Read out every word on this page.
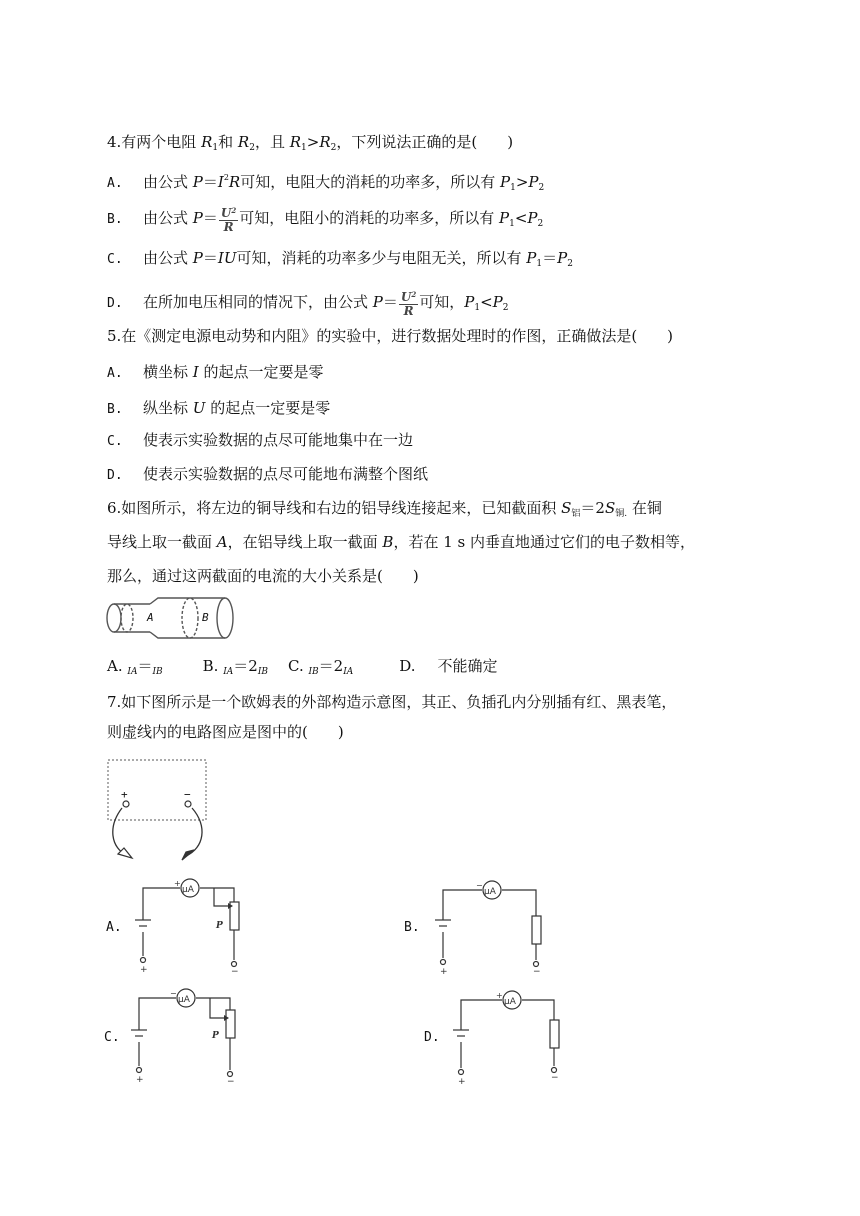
4.有两个电阻 $R_1$和 $R_2$，且 $R_1>R_2$，下列说法正确的是(　　)
A. 由公式 $P=I^2R$可知，电阻大的消耗的功率多，所以有 $P_1>P_2$
B. 由公式 $P= \frac{U^2}{R}$ 可知，电阻小的消耗的功率多，所以有 $P_1<P_2$
C. 由公式 P＝IU可知，消耗的功率多少与电阻无关，所以有 $P_1=P_2$
D. 在所加电压相同的情况下，由公式 $P= \frac{U^2}{R}$ 可知，$P_1<P_2$
5.在《测定电源电动势和内阻》的实验中，进行数据处理时的作图，正确做法是(　　)
A. 横坐标 I 的起点一定要是零
B. 纵坐标 U 的起点一定要是零
C. 使表示实验数据的点尽可能地集中在一边
D. 使表示实验数据的点尽可能地布满整个图纸
6.如图所示，将左边的铜导线和右边的铝导线连接起来，已知截面积 $S_铝=2S_{铜.}$ 在铜
导线上取一截面 A，在铝导线上取一截面 B，若在 1 s 内垂直地通过它们的电子数相等，
那么，通过这两截面的电流的大小关系是(　　)
A	B
A. $_{IA}=_{IB}$	B. $_{IA}=2_{IB}$ C. $_{IB}=2_{IA}$	D. 不能确定
7.如下图所示是一个欧姆表的外部构造示意图，其正、负插孔内分别插有红、黑表笔，
则虚线内的电路图应是图中的(　　)
+	−
A.
μA
P
+	−
+
B.
μA
+	−
−
C.
μA
P
+	−
−
D.
μA
+	−
+
